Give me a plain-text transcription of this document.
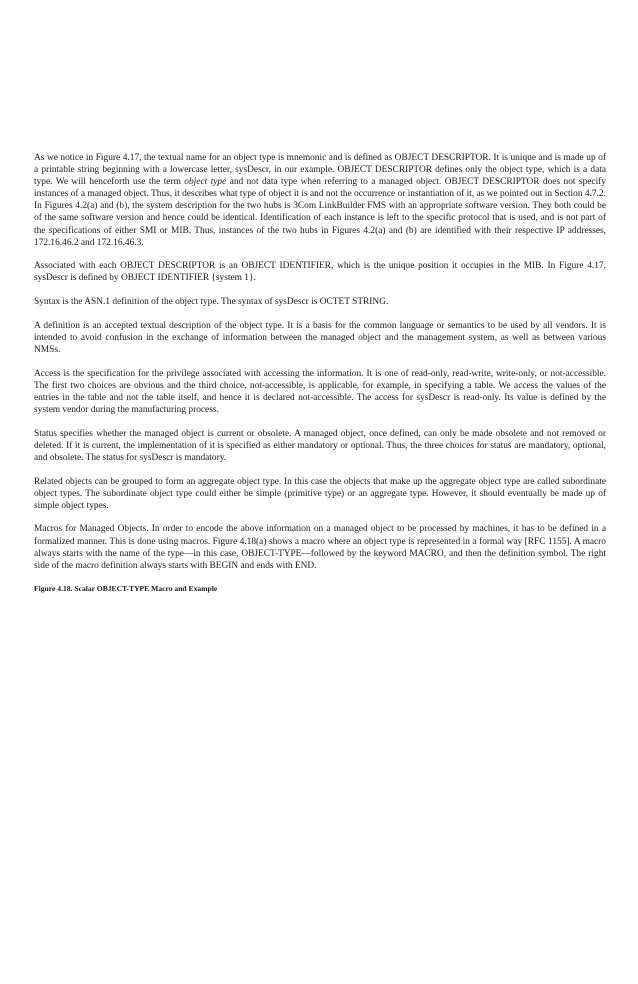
As we notice in Figure 4.17, the textual name for an object type is mnemonic and is defined as OBJECT DESCRIPTOR. It is unique and is made up of a printable string beginning with a lowercase letter, sysDescr, in our example. OBJECT DESCRIPTOR defines only the object type, which is a data type. We will henceforth use the term object type and not data type when referring to a managed object. OBJECT DESCRIPTOR does not specify instances of a managed object. Thus, it describes what type of object it is and not the occurrence or instantiation of it, as we pointed out in Section 4.7.2. In Figures 4.2(a) and (b), the system description for the two hubs is 3Com LinkBuilder FMS with an appropriate software version. They both could be of the same software version and hence could be identical. Identification of each instance is left to the specific protocol that is used, and is not part of the specifications of either SMI or MIB. Thus, instances of the two hubs in Figures 4.2(a) and (b) are identified with their respective IP addresses, 172.16.46.2 and 172.16.46.3.

Associated with each OBJECT DESCRIPTOR is an OBJECT IDENTIFIER, which is the unique position it occupies in the MIB. In Figure 4.17, sysDescr is defined by OBJECT IDENTIFIER {system 1}.

Syntax is the ASN.1 definition of the object type. The syntax of sysDescr is OCTET STRING.

A definition is an accepted textual description of the object type. It is a basis for the common language or semantics to be used by all vendors. It is intended to avoid confusion in the exchange of information between the managed object and the management system, as well as between various NMSs.

Access is the specification for the privilege associated with accessing the information. It is one of read-only, read-write, write-only, or not-accessible. The first two choices are obvious and the third choice, not-accessible, is applicable, for example, in specifying a table. We access the values of the entries in the table and not the table itself, and hence it is declared not-accessible. The access for sysDescr is read-only. Its value is defined by the system vendor during the manufacturing process.

Status specifies whether the managed object is current or obsolete. A managed object, once defined, can only be made obsolete and not removed or deleted. If it is current, the implementation of it is specified as either mandatory or optional. Thus, the three choices for status are mandatory, optional, and obsolete. The status for sysDescr is mandatory.

Related objects can be grouped to form an aggregate object type. In this case the objects that make up the aggregate object type are called subordinate object types. The subordinate object type could either be simple (primitive type) or an aggregate type. However, it should eventually be made up of simple object types.

Macros for Managed Objects. In order to encode the above information on a managed object to be processed by machines, it has to be defined in a formalized manner. This is done using macros. Figure 4.18(a) shows a macro where an object type is represented in a formal way [RFC 1155]. A macro always starts with the name of the type—in this case, OBJECT-TYPE—followed by the keyword MACRO, and then the definition symbol. The right side of the macro definition always starts with BEGIN and ends with END.

Figure 4.18. Scalar OBJECT-TYPE Macro and Example
